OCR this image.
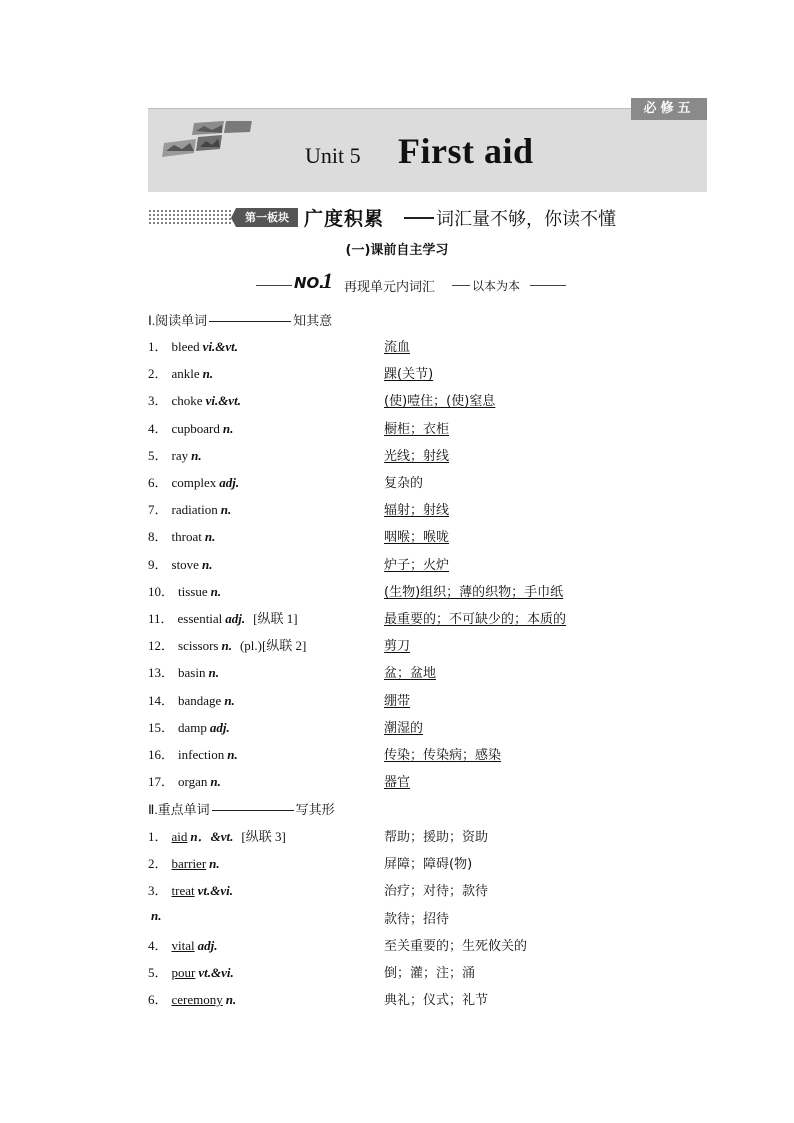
必修五
Unit 5 First aid
第一板块 广度积累	词汇量不够，你读不懂
(一)课前自主学习
NO.
1 再现单元内词汇	以本为本
Ⅰ.阅读单词	知其意
1． bleed vi.&vt.	流血
2． ankle n.	踝(关节)
3． choke vi.&vt.	(使)噎住；(使)窒息
4． cupboard n.	橱柜；衣柜
5． ray n.	光线；射线
6． complex adj.	复杂的
7． radiation n.	辐射；射线
8． throat n.	咽喉；喉咙
9． stove n.	炉子；火炉
10． tissue n.	(生物)组织；薄的织物；手巾纸
11． essential adj. [纵联 1]	最重要的；不可缺少的；本质的
12． scissors n. (pl.)[纵联 2]	剪刀
13． basin n.	盆；盆地
14． bandage n.	绷带
15． damp adj.	潮湿的
16． infection n.	传染；传染病；感染
17． organ n.	器官
Ⅱ.重点单词	写其形
1． aid n．&vt. [纵联 3]	帮助；援助；资助
2． barrier n.	屏障；障碍(物)
3． treat vt.&vi.	治疗；对待；款待
n.	款待；招待
4． vital adj.	至关重要的；生死攸关的
5． pour vt.&vi.	倒；灌；注；涌
6． ceremony n.	典礼；仪式；礼节
